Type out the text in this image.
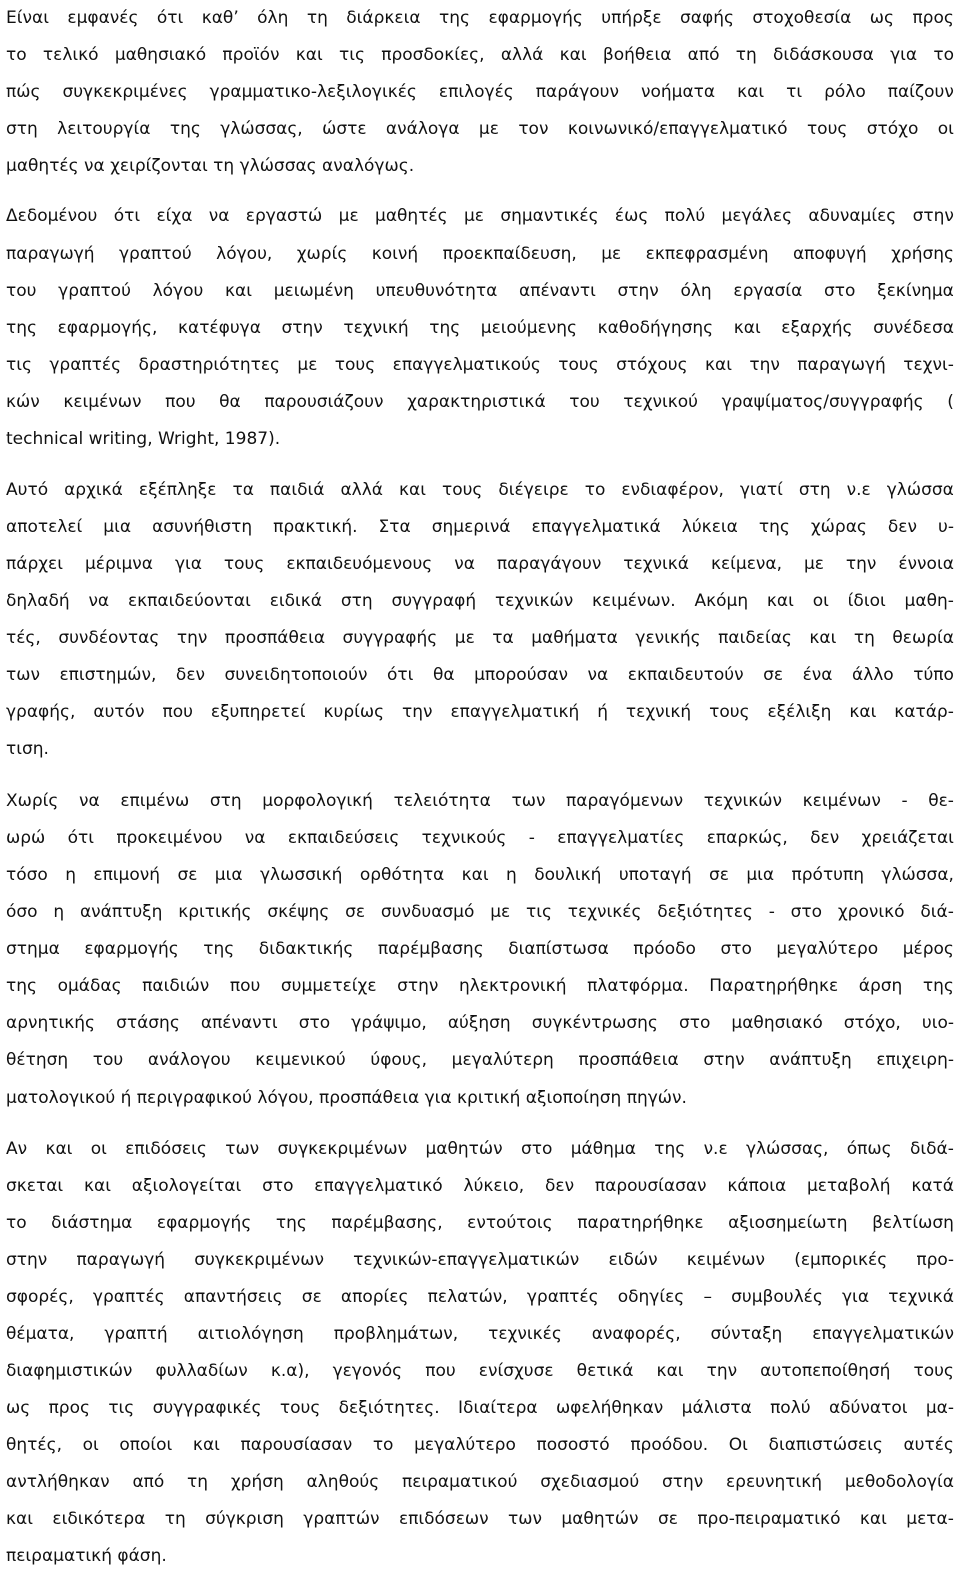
Είναι εμφανές ότι καθ’ όλη τη διάρκεια της εφαρμογής υπήρξε σαφής στοχοθεσία ως προς
το τελικό μαθησιακό προϊόν και τις προσδοκίες, αλλά και βοήθεια από τη διδάσκουσα για το
πώς συγκεκριμένες γραμματικο-λεξιλογικές επιλογές παράγουν νοήματα και τι ρόλο παίζουν
στη λειτουργία της γλώσσας, ώστε ανάλογα με τον κοινωνικό/επαγγελματικό τους στόχο οι
μαθητές να χειρίζονται τη γλώσσας αναλόγως.
Δεδομένου ότι είχα να εργαστώ με μαθητές με σημαντικές έως πολύ μεγάλες αδυναμίες στην
παραγωγή γραπτού λόγου, χωρίς κοινή προεκπαίδευση, με εκπεφρασμένη αποφυγή χρήσης
του γραπτού λόγου και μειωμένη υπευθυνότητα απέναντι στην όλη εργασία στο ξεκίνημα
της εφαρμογής, κατέφυγα στην τεχνική της μειούμενης καθοδήγησης και εξαρχής συνέδεσα
τις γραπτές δραστηριότητες με τους επαγγελματικούς τους στόχους και την παραγωγή τεχνι-
κών κειμένων που θα παρουσιάζουν χαρακτηριστικά του τεχνικού γραψίματος/συγγραφής (
technical writing, Wright, 1987).
Αυτό αρχικά εξέπληξε τα παιδιά αλλά και τους διέγειρε το ενδιαφέρον, γιατί στη ν.ε γλώσσα
αποτελεί μια ασυνήθιστη πρακτική. Στα σημερινά επαγγελματικά λύκεια της χώρας δεν υ-
πάρχει μέριμνα για τους εκπαιδευόμενους να παραγάγουν τεχνικά κείμενα, με την έννοια
δηλαδή να εκπαιδεύονται ειδικά στη συγγραφή τεχνικών κειμένων. Ακόμη και οι ίδιοι μαθη-
τές, συνδέοντας την προσπάθεια συγγραφής με τα μαθήματα γενικής παιδείας και τη θεωρία
των επιστημών, δεν συνειδητοποιούν ότι θα μπορούσαν να εκπαιδευτούν σε ένα άλλο τύπο
γραφής, αυτόν που εξυπηρετεί κυρίως την επαγγελματική ή τεχνική τους εξέλιξη και κατάρ-
τιση.
Χωρίς να επιμένω στη μορφολογική τελειότητα των παραγόμενων τεχνικών κειμένων - θε-
ωρώ ότι προκειμένου να εκπαιδεύσεις τεχνικούς - επαγγελματίες επαρκώς, δεν χρειάζεται
τόσο η επιμονή σε μια γλωσσική ορθότητα και η δουλική υποταγή σε μια πρότυπη γλώσσα,
όσο η ανάπτυξη κριτικής σκέψης σε συνδυασμό με τις τεχνικές δεξιότητες - στο χρονικό διά-
στημα εφαρμογής της διδακτικής παρέμβασης διαπίστωσα πρόοδο στο μεγαλύτερο μέρος
της ομάδας παιδιών που συμμετείχε στην ηλεκτρονική πλατφόρμα. Παρατηρήθηκε άρση της
αρνητικής στάσης απέναντι στο γράψιμο, αύξηση συγκέντρωσης στο μαθησιακό στόχο, υιο-
θέτηση του ανάλογου κειμενικού ύφους, μεγαλύτερη προσπάθεια στην ανάπτυξη επιχειρη-
ματολογικού ή περιγραφικού λόγου, προσπάθεια για κριτική αξιοποίηση πηγών.
Αν και οι επιδόσεις των συγκεκριμένων μαθητών στο μάθημα της ν.ε γλώσσας, όπως διδά-
σκεται και αξιολογείται στο επαγγελματικό λύκειο, δεν παρουσίασαν κάποια μεταβολή κατά
το διάστημα εφαρμογής της παρέμβασης, εντούτοις παρατηρήθηκε αξιοσημείωτη βελτίωση
στην παραγωγή συγκεκριμένων τεχνικών-επαγγελματικών ειδών κειμένων (εμπορικές προ-
σφορές, γραπτές απαντήσεις σε απορίες πελατών, γραπτές οδηγίες – συμβουλές για τεχνικά
θέματα, γραπτή αιτιολόγηση προβλημάτων, τεχνικές αναφορές, σύνταξη επαγγελματικών
διαφημιστικών φυλλαδίων κ.α), γεγονός που ενίσχυσε θετικά και την αυτοπεποίθησή τους
ως προς τις συγγραφικές τους δεξιότητες. Ιδιαίτερα ωφελήθηκαν μάλιστα πολύ αδύνατοι μα-
θητές, οι οποίοι και παρουσίασαν το μεγαλύτερο ποσοστό προόδου. Οι διαπιστώσεις αυτές
αντλήθηκαν από τη χρήση αληθούς πειραματικού σχεδιασμού στην ερευνητική μεθοδολογία
και ειδικότερα τη σύγκριση γραπτών επιδόσεων των μαθητών σε προ-πειραματικό και μετα-
πειραματική φάση.
